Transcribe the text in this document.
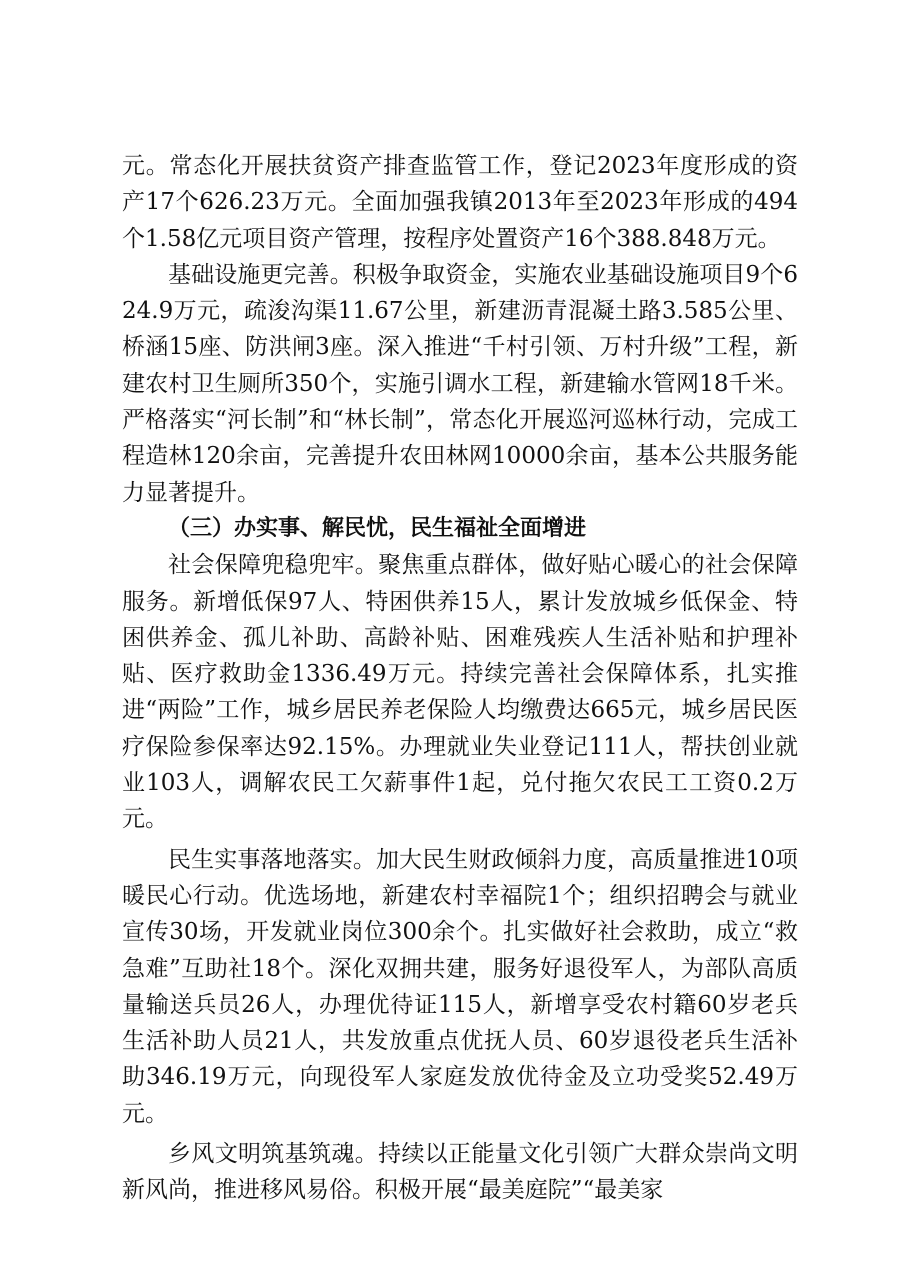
元。常态化开展扶贫资产排查监管工作，登记2023年度形成的资产17个626.23万元。全面加强我镇2013年至2023年形成的494个1.58亿元项目资产管理，按程序处置资产16个388.848万元。

基础设施更完善。积极争取资金，实施农业基础设施项目9个624.9万元，疏浚沟渠11.67公里，新建沥青混凝土路3.585公里、桥涵15座、防洪闸3座。深入推进“千村引领、万村升级”工程，新建农村卫生厕所350个，实施引调水工程，新建输水管网18千米。严格落实“河长制”和“林长制”，常态化开展巡河巡林行动，完成工程造林120余亩，完善提升农田林网10000余亩，基本公共服务能力显著提升。

（三）办实事、解民忧，民生福祉全面增进

社会保障兜稳兜牢。聚焦重点群体，做好贴心暖心的社会保障服务。新增低保97人、特困供养15人，累计发放城乡低保金、特困供养金、孤儿补助、高龄补贴、困难残疾人生活补贴和护理补贴、医疗救助金1336.49万元。持续完善社会保障体系，扎实推进“两险”工作，城乡居民养老保险人均缴费达665元，城乡居民医疗保险参保率达92.15%。办理就业失业登记111人，帮扶创业就业103人，调解农民工欠薪事件1起，兑付拖欠农民工工资0.2万元。

民生实事落地落实。加大民生财政倾斜力度，高质量推进10项暖民心行动。优选场地，新建农村幸福院1个；组织招聘会与就业宣传30场，开发就业岗位300余个。扎实做好社会救助，成立“救急难”互助社18个。深化双拥共建，服务好退役军人，为部队高质量输送兵员26人，办理优待证115人，新增享受农村籍60岁老兵生活补助人员21人，共发放重点优抚人员、60岁退役老兵生活补助346.19万元，向现役军人家庭发放优待金及立功受奖52.49万元。

乡风文明筑基筑魂。持续以正能量文化引领广大群众崇尚文明新风尚，推进移风易俗。积极开展“最美庭院”“最美家
